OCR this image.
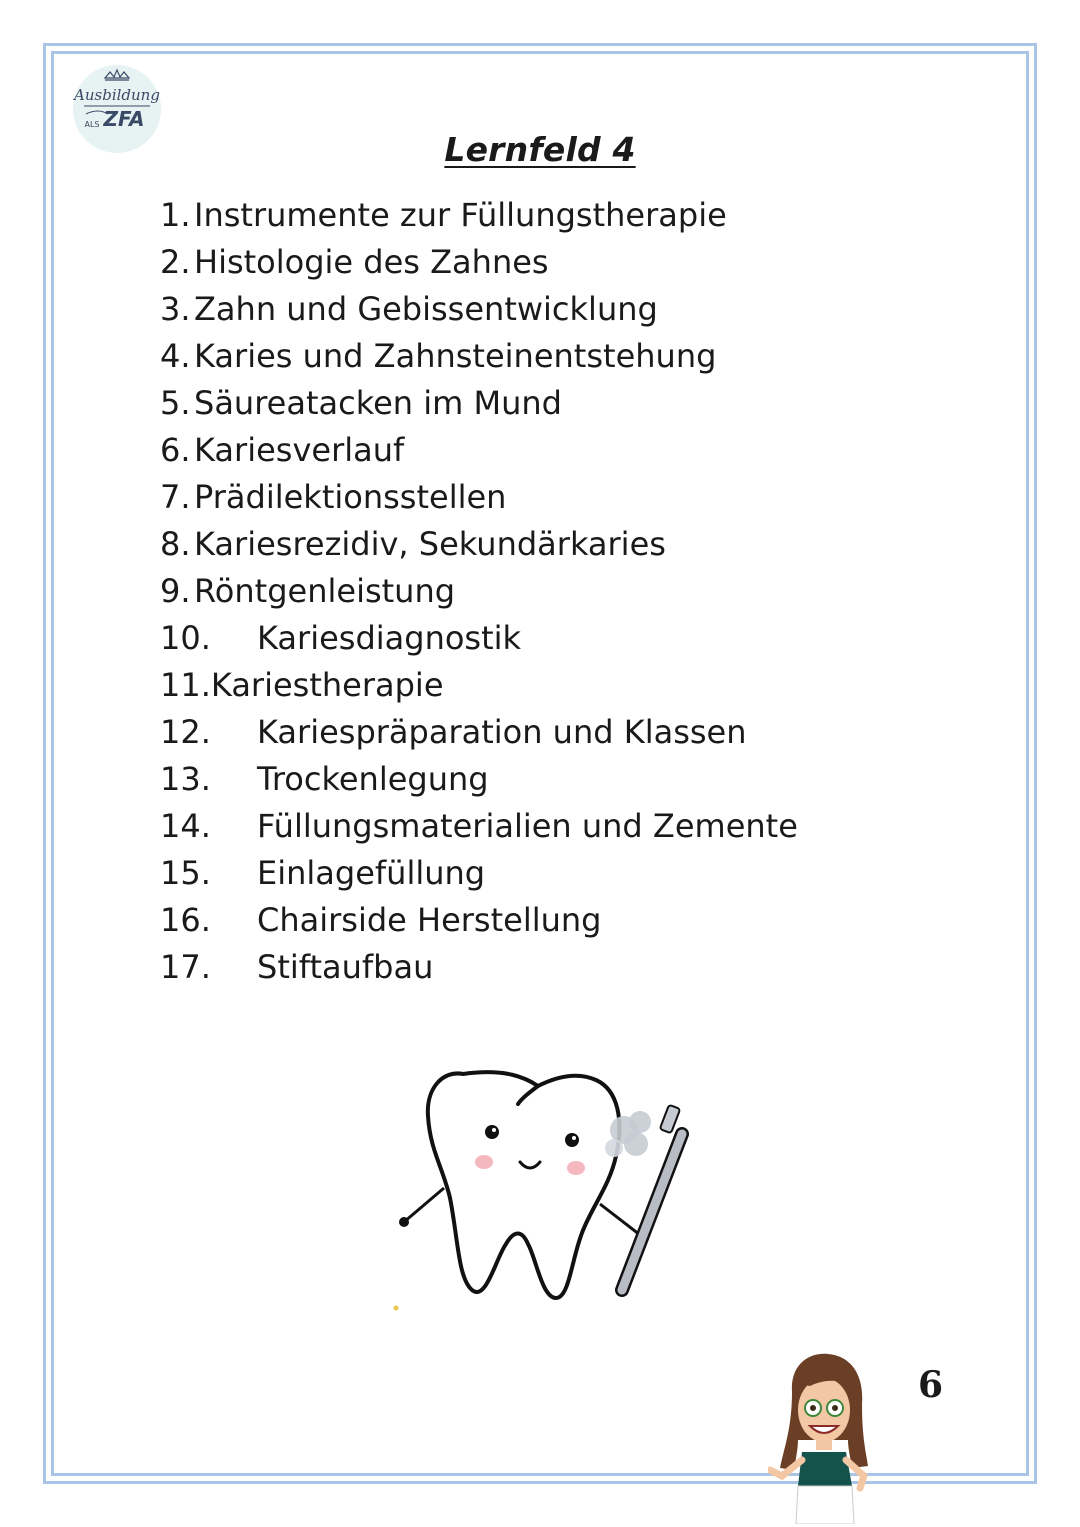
Ausbildung
ALS ZFA
Lernfeld 4
1. Instrumente zur Füllungstherapie
2. Histologie des Zahnes
3. Zahn und Gebissentwicklung
4. Karies und Zahnsteinentstehung
5. Säureatacken im Mund
6. Kariesverlauf
7. Prädilektionsstellen
8. Kariesrezidiv, Sekundärkaries
9. Röntgenleistung
10.	Kariesdiagnostik
11. Kariestherapie
12.	Kariespräparation und Klassen
13.	Trockenlegung
14.	Füllungsmaterialien und Zemente
15.	Einlagefüllung
16.	Chairside Herstellung
17.	Stiftaufbau
6
